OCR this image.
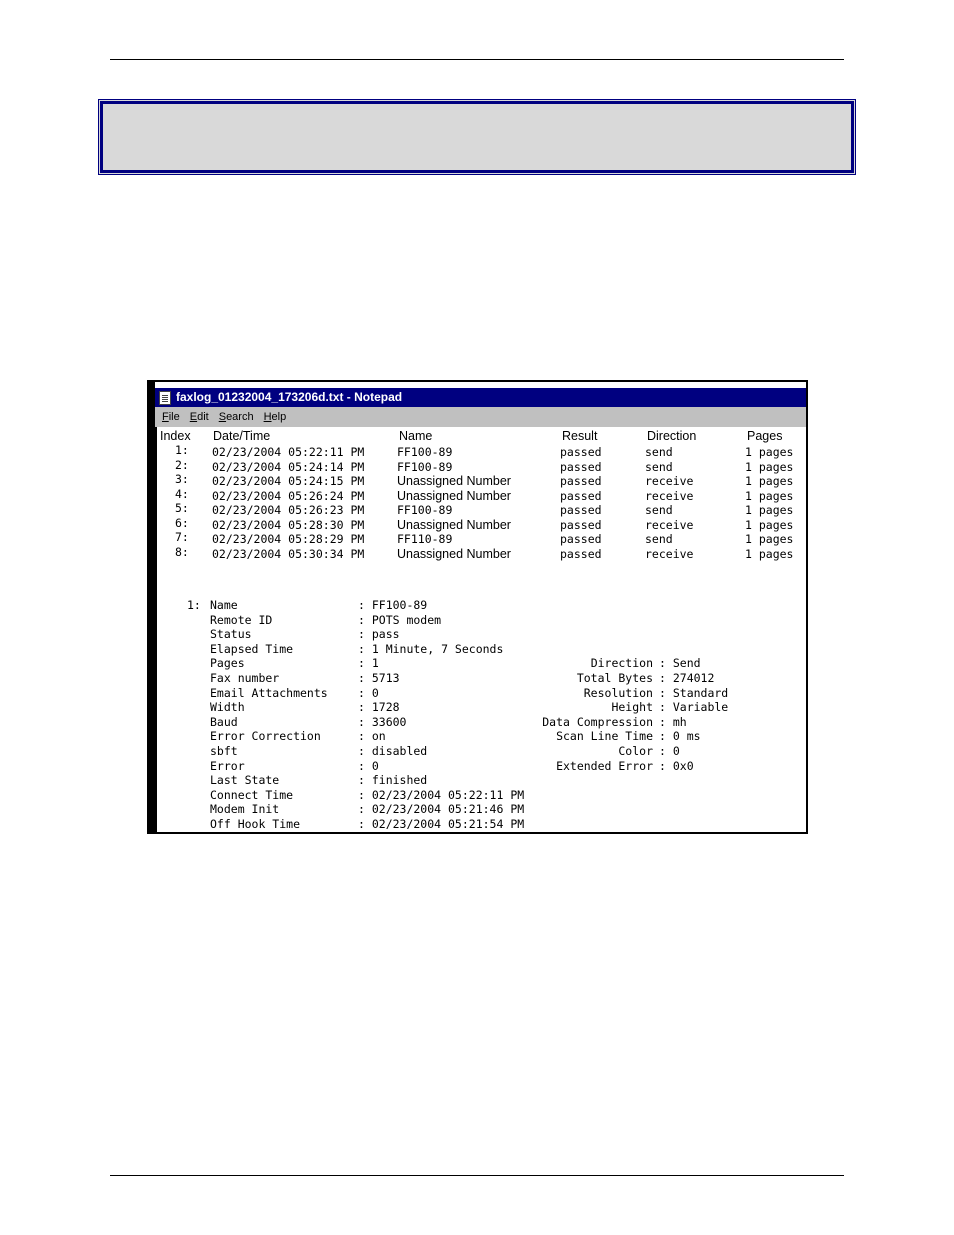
faxlog_01232004_173206d.txt - Notepad
File Edit Search Help
Index Date/Time	Name	Result	Direction	Pages
1: 02/23/2004 05:22:11 PM	FF100-89	passed	send	1 pages
2: 02/23/2004 05:24:14 PM	FF100-89	passed	send	1 pages
3: 02/23/2004 05:24:15 PM	Unassigned Number	passed	receive	1 pages
4: 02/23/2004 05:26:24 PM	Unassigned Number	passed	receive	1 pages
5: 02/23/2004 05:26:23 PM	FF100-89	passed	send	1 pages
6: 02/23/2004 05:28:30 PM	Unassigned Number	passed	receive	1 pages
7: 02/23/2004 05:28:29 PM	FF110-89	passed	send	1 pages
8: 02/23/2004 05:30:34 PM	Unassigned Number	passed	receive	1 pages
1: Name	: FF100-89
Remote ID	: POTS modem
Status	: pass
Elapsed Time	: 1 Minute, 7 Seconds
Pages	: 1
Fax number	: 5713
Email Attachments	: 0
Width	: 1728
Baud	: 33600
Error Correction	: on
sbft	: disabled
Error	: 0
Last State	: finished
Connect Time	: 02/23/2004 05:22:11 PM
Modem Init	: 02/23/2004 05:21:46 PM
Off Hook Time	: 02/23/2004 05:21:54 PM
Direction : Send
Total Bytes : 274012
Resolution : Standard
Height : Variable
Data Compression : mh
Scan Line Time : 0 ms
Color : 0
Extended Error : 0x0
